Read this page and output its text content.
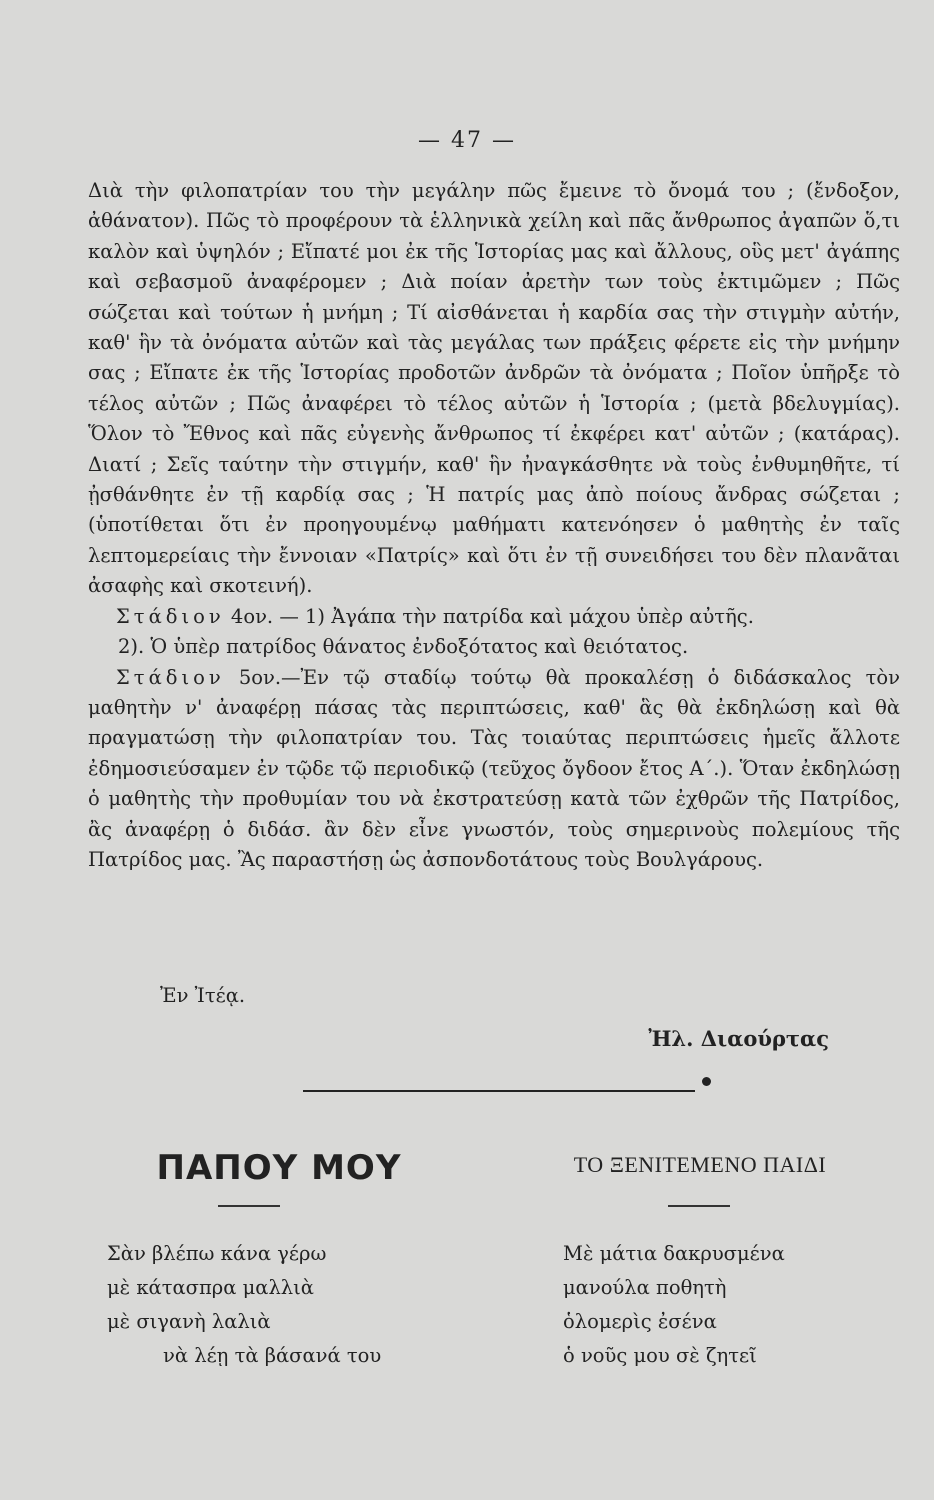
— 47 —

Διὰ τὴν φιλοπατρίαν του τὴν μεγάλην πῶς ἔμεινε τὸ ὄνομά του ; (ἔνδοξον, ἀθάνατον). Πῶς τὸ προφέρουν τὰ ἑλληνικὰ χείλη καὶ πᾶς ἄνθρωπος ἀγαπῶν ὅ,τι καλὸν καὶ ὑψηλόν ; Εἴπατέ μοι ἐκ τῆς Ἱστορίας μας καὶ ἄλλους, οὓς μετ' ἀγάπης καὶ σεβασμοῦ ἀναφέρομεν ; Διὰ ποίαν ἀρετὴν των τοὺς ἐκτιμῶμεν ; Πῶς σώζεται καὶ τούτων ἡ μνήμη ; Τί αἰσθάνεται ἡ καρδία σας τὴν στιγμὴν αὐτήν, καθ' ἣν τὰ ὀνόματα αὐτῶν καὶ τὰς μεγάλας των πράξεις φέρετε εἰς τὴν μνήμην σας ; Εἴπατε ἐκ τῆς Ἱστορίας προδοτῶν ἀνδρῶν τὰ ὀνόματα ; Ποῖον ὑπῆρξε τὸ τέλος αὐτῶν ; Πῶς ἀναφέρει τὸ τέλος αὐτῶν ἡ Ἱστορία ; (μετὰ βδελυγμίας). Ὅλον τὸ Ἔθνος καὶ πᾶς εὐγενὴς ἄνθρωπος τί ἐκφέρει κατ' αὐτῶν ; (κατάρας). Διατί ; Σεῖς ταύτην τὴν στιγμήν, καθ' ἣν ἠναγκάσθητε νὰ τοὺς ἐνθυμηθῆτε, τί ᾐσθάνθητε ἐν τῇ καρδίᾳ σας ; Ἡ πατρίς μας ἀπὸ ποίους ἄνδρας σώζεται ; (ὑποτίθεται ὅτι ἐν προηγουμένῳ μαθήματι κατενόησεν ὁ μαθητὴς ἐν ταῖς λεπτομερείαις τὴν ἔννοιαν «Πατρίς» καὶ ὅτι ἐν τῇ συνειδήσει του δὲν πλανᾶται ἀσαφὴς καὶ σκοτεινή).

Στάδιον 4ον. — 1) Ἀγάπα τὴν πατρίδα καὶ μάχου ὑπὲρ αὐτῆς.

2). Ὁ ὑπὲρ πατρίδος θάνατος ἐνδοξότατος καὶ θειότατος.

Στάδιον 5ον.—Ἐν τῷ σταδίῳ τούτῳ θὰ προκαλέσῃ ὁ διδάσκαλος τὸν μαθητὴν ν' ἀναφέρῃ πάσας τὰς περιπτώσεις, καθ' ἃς θὰ ἐκδηλώσῃ καὶ θὰ πραγματώσῃ τὴν φιλοπατρίαν του. Τὰς τοιαύτας περιπτώσεις ἡμεῖς ἄλλοτε ἐδημοσιεύσαμεν ἐν τῷδε τῷ περιοδικῷ (τεῦχος ὄγδοον ἔτος Α΄.). Ὅταν ἐκδηλώσῃ ὁ μαθητὴς τὴν προθυμίαν του νὰ ἐκστρατεύσῃ κατὰ τῶν ἐχθρῶν τῆς Πατρίδος, ἂς ἀναφέρῃ ὁ διδάσ. ἂν δὲν εἶνε γνωστόν, τοὺς σημερινοὺς πολεμίους τῆς Πατρίδος μας. Ἂς παραστήσῃ ὡς ἀσπονδοτάτους τοὺς Βουλγάρους.

Ἐν Ἰτέᾳ.
Ἠλ. Διαούρτας
ΠΑΠΟΥ ΜΟΥ	ΤΟ ΞΕΝΙΤΕΜΕΝΟ ΠΑΙΔΙ
Σὰν βλέπω κάνα γέρω
μὲ κάτασπρα μαλλιὰ
μὲ σιγανὴ λαλιὰ
νὰ λέῃ τὰ βάσανά του
Μὲ μάτια δακρυσμένα
μανούλα ποθητὴ
ὁλομερὶς ἐσένα
ὁ νοῦς μου σὲ ζητεῖ
